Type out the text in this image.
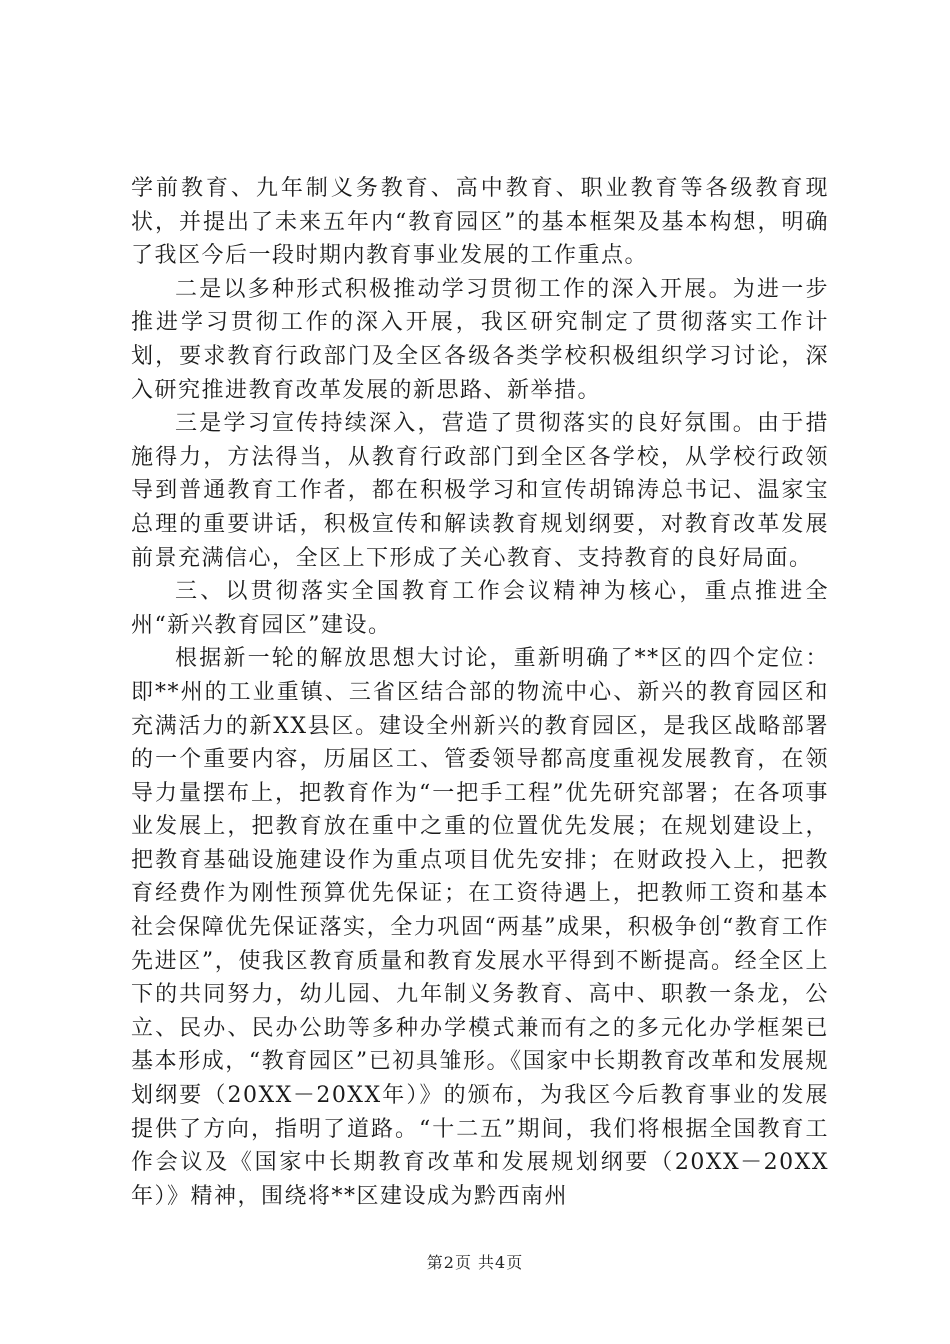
学前教育、九年制义务教育、高中教育、职业教育等各级教育现状，并提出了未来五年内“教育园区”的基本框架及基本构想，明确了我区今后一段时期内教育事业发展的工作重点。

二是以多种形式积极推动学习贯彻工作的深入开展。为进一步推进学习贯彻工作的深入开展，我区研究制定了贯彻落实工作计划，要求教育行政部门及全区各级各类学校积极组织学习讨论，深入研究推进教育改革发展的新思路、新举措。

三是学习宣传持续深入，营造了贯彻落实的良好氛围。由于措施得力，方法得当，从教育行政部门到全区各学校，从学校行政领导到普通教育工作者，都在积极学习和宣传胡锦涛总书记、温家宝总理的重要讲话，积极宣传和解读教育规划纲要，对教育改革发展前景充满信心，全区上下形成了关心教育、支持教育的良好局面。

三、以贯彻落实全国教育工作会议精神为核心，重点推进全州“新兴教育园区”建设。

根据新一轮的解放思想大讨论，重新明确了**区的四个定位：即**州的工业重镇、三省区结合部的物流中心、新兴的教育园区和充满活力的新XX县区。建设全州新兴的教育园区，是我区战略部署的一个重要内容，历届区工、管委领导都高度重视发展教育，在领导力量摆布上，把教育作为“一把手工程”优先研究部署；在各项事业发展上，把教育放在重中之重的位置优先发展；在规划建设上，把教育基础设施建设作为重点项目优先安排；在财政投入上，把教育经费作为刚性预算优先保证；在工资待遇上，把教师工资和基本社会保障优先保证落实，全力巩固“两基”成果，积极争创“教育工作先进区”，使我区教育质量和教育发展水平得到不断提高。经全区上下的共同努力，幼儿园、九年制义务教育、高中、职教一条龙，公立、民办、民办公助等多种办学模式兼而有之的多元化办学框架已基本形成，“教育园区”已初具雏形。《国家中长期教育改革和发展规划纲要（20XX－20XX年）》的颁布，为我区今后教育事业的发展提供了方向，指明了道路。“十二五”期间，我们将根据全国教育工作会议及《国家中长期教育改革和发展规划纲要（20XX－20XX年）》精神，围绕将**区建设成为黔西南州

第2页 共4页
